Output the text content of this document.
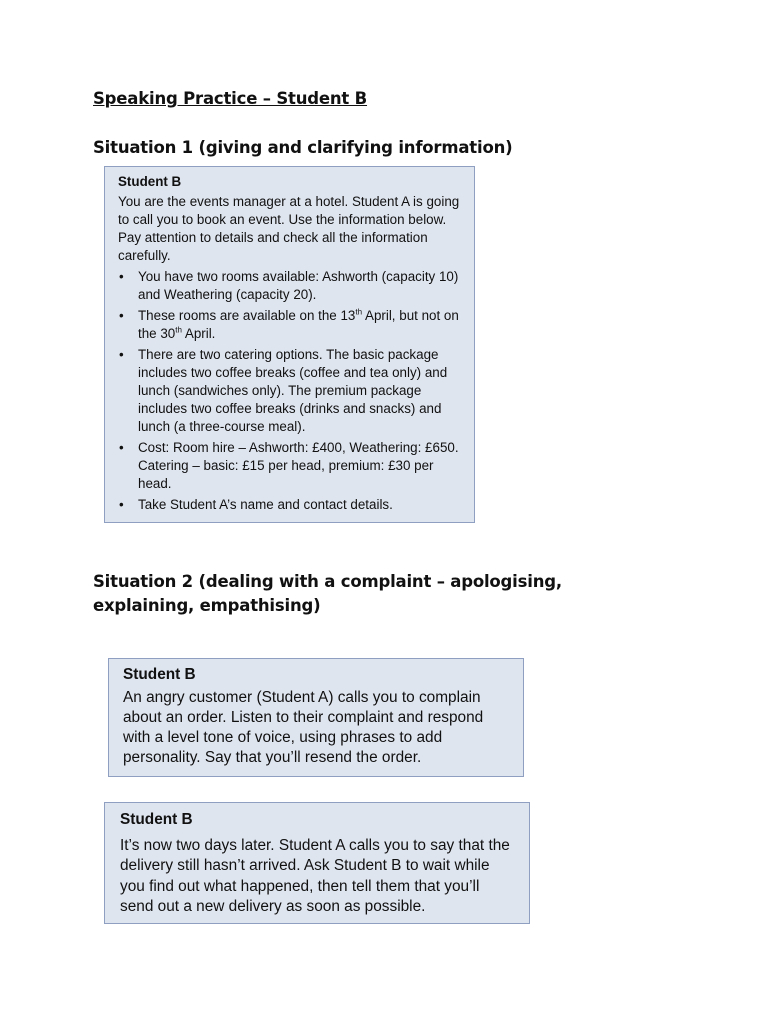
Speaking Practice – Student B
Situation 1 (giving and clarifying information)

Student B

You are the events manager at a hotel. Student A is going to call you to book an event. Use the information below. Pay attention to details and check all the information carefully.

• You have two rooms available: Ashworth (capacity 10) and Weathering (capacity 20).
• These rooms are available on the 13th April, but not on the 30th April.
• There are two catering options. The basic package includes two coffee breaks (coffee and tea only) and lunch (sandwiches only). The premium package includes two coffee breaks (drinks and snacks) and lunch (a three-course meal).
• Cost: Room hire – Ashworth: £400, Weathering: £650. Catering – basic: £15 per head, premium: £30 per head.
• Take Student A’s name and contact details.
Situation 2 (dealing with a complaint – apologising, explaining, empathising)

Student B

An angry customer (Student A) calls you to complain about an order. Listen to their complaint and respond with a level tone of voice, using phrases to add personality. Say that you’ll resend the order.

Student B

It’s now two days later. Student A calls you to say that the delivery still hasn’t arrived. Ask Student B to wait while you find out what happened, then tell them that you’ll send out a new delivery as soon as possible.
